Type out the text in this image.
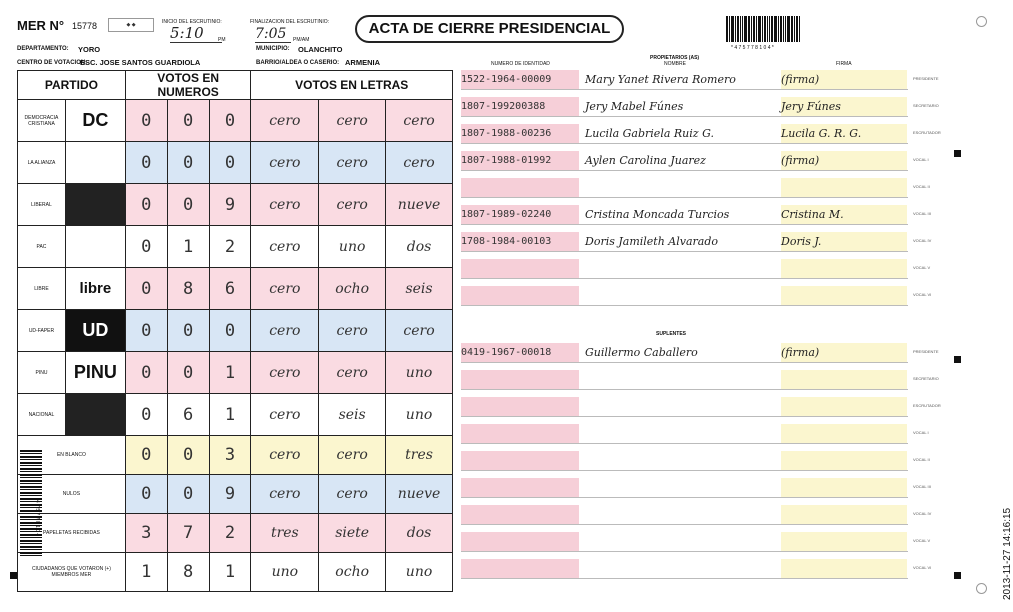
MER N° 15778	◆ ◆	INICIO DEL ESCRUTINIO:
5:10	PM
FINALIZACION DEL ESCRUTINIO:
7:05	PM/AM
ACTA DE CIERRE PRESIDENCIAL
* 4 7 5 7 7 8 1 0 4 *
DEPARTAMENTO: YORO	MUNICIPIO: OLANCHITO
CENTRO DE VOTACION:
ESC. JOSE SANTOS GUARDIOLA	BARRIO/ALDEA O CASERIO: ARMENIA
PARTIDO		VOTOS EN NUMEROS			VOTOS EN LETRAS		
DEMOCRACIA CRISTIANA	DC	0	0	0	cero	cero	cero
LA ALIANZA		0	0	0	cero	cero	cero
LIBERAL		0	0	9	cero	cero	nueve
PAC		0	1	2	cero	uno	dos
LIBRE	libre	0	8	6	cero	ocho	seis
UD-FAPER	UD	0	0	0	cero	cero	cero
PINU	PINU	0	0	1	cero	cero	uno
NACIONAL		0	6	1	cero	seis	uno
EN BLANCO		0	0	3	cero	cero	tres
NULOS		0	0	9	cero	cero	nueve
PAPELETAS RECIBIDAS		3	7	2	tres	siete	dos
CIUDADANOS QUE VOTARON (+) MIEMBROS MER		1	8	1	uno	ocho	uno
4 7 5 7 7 8 1 0 4
PROPIETARIOS (AS)
NOMBRE
NUMERO DE IDENTIDAD	FIRMA
1522-1964-00009	Mary Yanet Rivera Romero	(firma)	PRESIDENTE
1807-199200388	Jery Mabel Fúnes	Jery Fúnes	SECRETARIO
1807-1988-00236	Lucila Gabriela Ruiz G.	Lucila G. R. G.	ESCRUTADOR
1807-1988-01992	Aylen Carolina Juarez	(firma)	VOCAL I
VOCAL II
1807-1989-02240	Cristina Moncada Turcios	Cristina M.	VOCAL III
1708-1984-00103	Doris Jamileth Alvarado	Doris J.	VOCAL IV
VOCAL V
VOCAL VI
SUPLENTES
0419-1967-00018	Guillermo Caballero	(firma)	PRESIDENTE
SECRETARIO
ESCRUTADOR
VOCAL I
VOCAL II
VOCAL III
VOCAL IV
VOCAL V
VOCAL VI	2013-11-27 14:16:15
